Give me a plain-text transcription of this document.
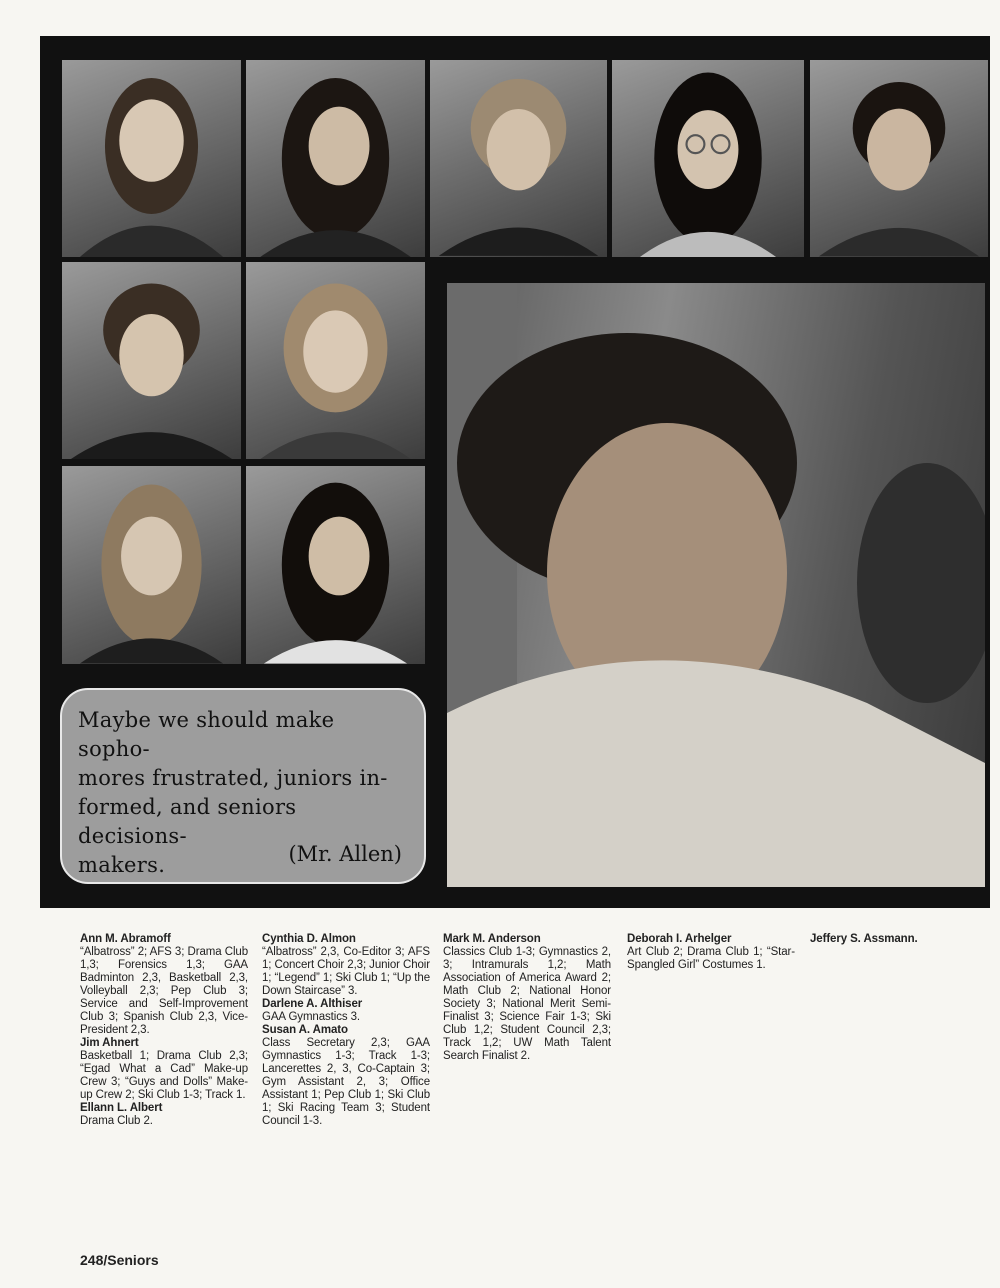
Maybe we should make sopho-
mores frustrated, juniors in-
formed, and seniors decisions-
makers.	(Mr. Allen)
Ann M. Abramoff
“Albatross” 2; AFS 3; Drama Club 1,3; Forensics 1,3; GAA Badminton 2,3, Basketball 2,3, Volleyball 2,3; Pep Club 3; Service and Self-Improvement Club 3; Spanish Club 2,3, Vice-President 2,3.
Jim Ahnert
Basketball 1; Drama Club 2,3; “Egad What a Cad” Make-up Crew 3; “Guys and Dolls” Make-up Crew 2; Ski Club 1-3; Track 1.
Ellann L. Albert
Drama Club 2.
Cynthia D. Almon
“Albatross” 2,3, Co-Editor 3; AFS 1; Concert Choir 2,3; Junior Choir 1; “Legend” 1; Ski Club 1; “Up the Down Staircase” 3.
Darlene A. Althiser
GAA Gymnastics 3.
Susan A. Amato
Class Secretary 2,3; GAA Gymnastics 1-3; Track 1-3; Lancerettes 2, 3, Co-Captain 3; Gym Assistant 2, 3; Office Assistant 1; Pep Club 1; Ski Club 1; Ski Racing Team 3; Student Council 1-3.
Mark M. Anderson
Classics Club 1-3; Gymnastics 2, 3; Intramurals 1,2; Math Association of America Award 2; Math Club 2; National Honor Society 3; National Merit Semi-Finalist 3; Science Fair 1-3; Ski Club 1,2; Student Council 2,3; Track 1,2; UW Math Talent Search Finalist 2.
Deborah I. Arhelger
Art Club 2; Drama Club 1; “Star-Spangled Girl” Costumes 1.
Jeffery S. Assmann.
248/Seniors
